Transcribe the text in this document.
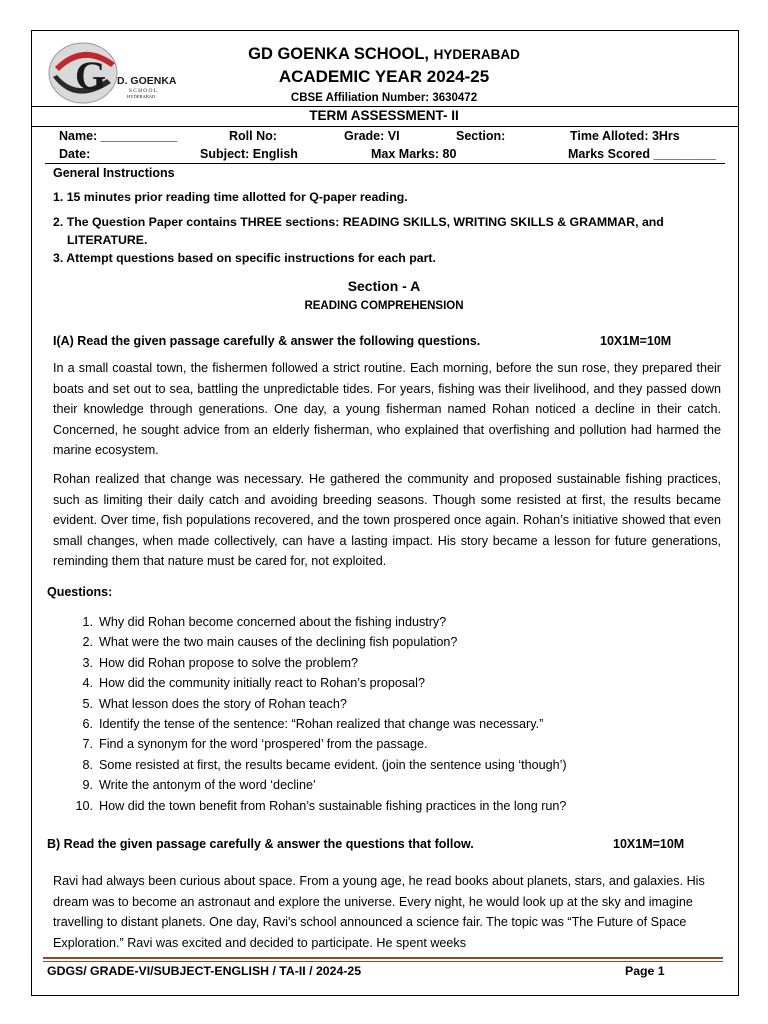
G D. GOENKA
SCHOOL
HYDERABAD
GD GOENKA SCHOOL, HYDERABAD
ACADEMIC YEAR 2024-25
CBSE Affiliation Number: 3630472
TERM ASSESSMENT- II
Name: ___________	Roll No:	Grade: VI	Section:	Time Alloted: 3Hrs
Date:	Subject: English	Max Marks: 80	Marks Scored _________
General Instructions
1. 15 minutes prior reading time allotted for Q-paper reading.
2. The Question Paper contains THREE sections: READING SKILLS, WRITING SKILLS & GRAMMAR, and
LITERATURE.
3. Attempt questions based on specific instructions for each part.
Section - A
READING COMPREHENSION
I(A) Read the given passage carefully & answer the following questions.	10X1M=10M
In a small coastal town, the fishermen followed a strict routine. Each morning, before the sun rose, they prepared their boats and set out to sea, battling the unpredictable tides. For years, fishing was their livelihood, and they passed down their knowledge through generations. One day, a young fisherman named Rohan noticed a decline in their catch. Concerned, he sought advice from an elderly fisherman, who explained that overfishing and pollution had harmed the marine ecosystem.
Rohan realized that change was necessary. He gathered the community and proposed sustainable fishing practices, such as limiting their daily catch and avoiding breeding seasons. Though some resisted at first, the results became evident. Over time, fish populations recovered, and the town prospered once again. Rohan’s initiative showed that even small changes, when made collectively, can have a lasting impact. His story became a lesson for future generations, reminding them that nature must be cared for, not exploited.
Questions:
1. Why did Rohan become concerned about the fishing industry?
2. What were the two main causes of the declining fish population?
3. How did Rohan propose to solve the problem?
4. How did the community initially react to Rohan’s proposal?
5. What lesson does the story of Rohan teach?
6. Identify the tense of the sentence: “Rohan realized that change was necessary.”
7. Find a synonym for the word ‘prospered’ from the passage.
8. Some resisted at first, the results became evident. (join the sentence using ‘though’)
9. Write the antonym of the word ‘decline’
10. How did the town benefit from Rohan’s sustainable fishing practices in the long run?
B) Read the given passage carefully & answer the questions that follow.	10X1M=10M
Ravi had always been curious about space. From a young age, he read books about planets, stars, and galaxies. His dream was to become an astronaut and explore the universe. Every night, he would look up at the sky and imagine travelling to distant planets. One day, Ravi's school announced a science fair. The topic was “The Future of Space Exploration.” Ravi was excited and decided to participate. He spent weeks
GDGS/ GRADE-VI/SUBJECT-ENGLISH / TA-II / 2024-25	Page 1
